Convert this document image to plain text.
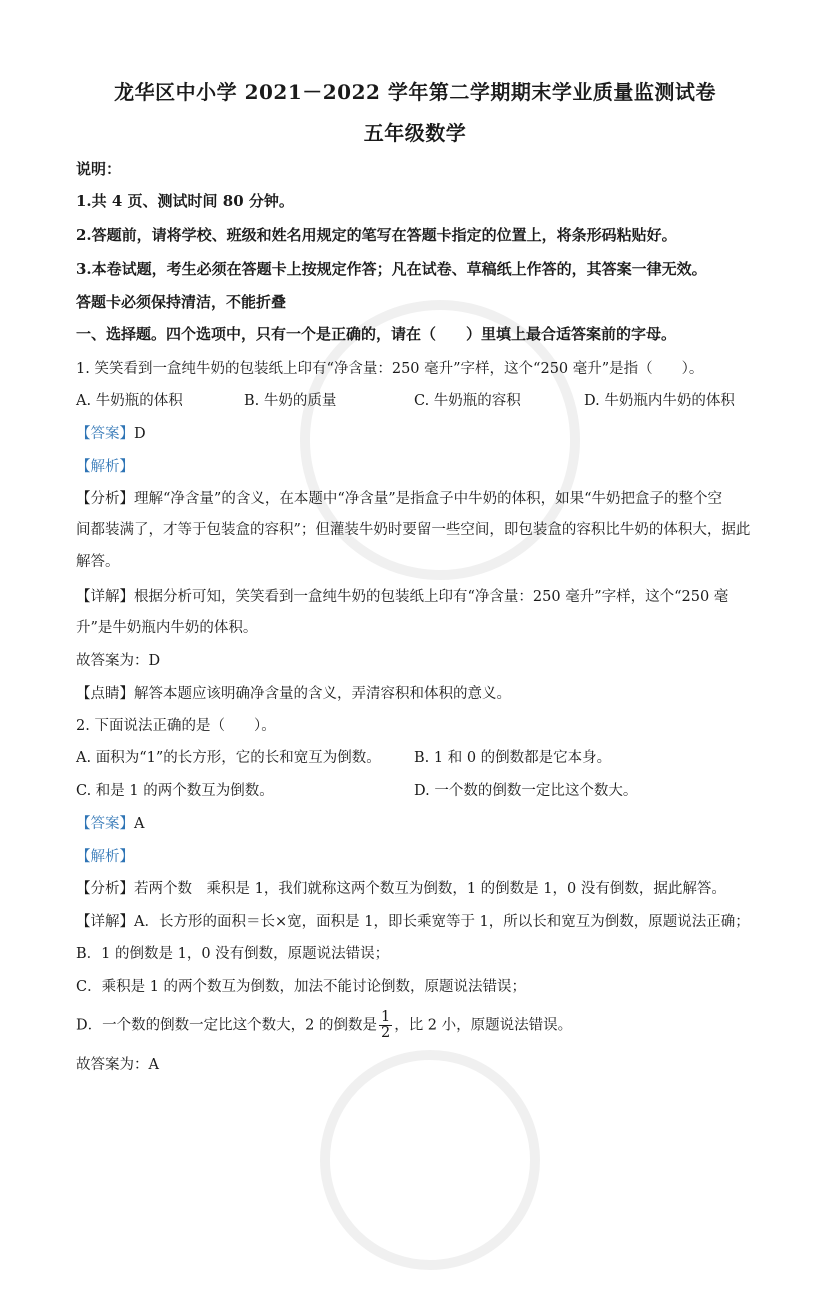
龙华区中小学 2021－2022 学年第二学期期末学业质量监测试卷
五年级数学
说明：
1.共 4 页、测试时间 80 分钟。
2.答题前，请将学校、班级和姓名用规定的笔写在答题卡指定的位置上，将条形码粘贴好。
3.本卷试题，考生必须在答题卡上按规定作答；凡在试卷、草稿纸上作答的，其答案一律无效。
答题卡必须保持清洁，不能折叠
一、选择题。四个选项中，只有一个是正确的，请在（　　）里填上最合适答案前的字母。
1. 笑笑看到一盒纯牛奶的包装纸上印有“净含量：250 毫升”字样，这个“250 毫升”是指（　　）。
A. 牛奶瓶的体积	B. 牛奶的质量	C. 牛奶瓶的容积	D. 牛奶瓶内牛奶的体积
【答案】D
【解析】
【分析】理解“净含量”的含义，在本题中“净含量”是指盒子中牛奶的体积，如果“牛奶把盒子的整个空
间都装满了，才等于包装盒的容积”；但灌装牛奶时要留一些空间，即包装盒的容积比牛奶的体积大，据此
解答。
【详解】根据分析可知，笑笑看到一盒纯牛奶的包装纸上印有“净含量：250 毫升”字样，这个“250 毫
升”是牛奶瓶内牛奶的体积。
故答案为：D
【点睛】解答本题应该明确净含量的含义，弄清容积和体积的意义。
2. 下面说法正确的是（　　）。
A. 面积为“1”的长方形，它的长和宽互为倒数。 B. 1 和 0 的倒数都是它本身。
C. 和是 1 的两个数互为倒数。	D. 一个数的倒数一定比这个数大。
【答案】A
【解析】
【分析】若两个数　乘积是 1，我们就称这两个数互为倒数，1 的倒数是 1，0 没有倒数，据此解答。
【详解】A．长方形的面积＝长×宽，面积是 1，即长乘宽等于 1，所以长和宽互为倒数，原题说法正确；
B．1 的倒数是 1，0 没有倒数，原题说法错误；
C．乘积是 1 的两个数互为倒数，加法不能讨论倒数，原题说法错误；
D．一个数的倒数一定比这个数大，2 的倒数是 $\frac{1}{2}$ ，比 2 小，原题说法错误。
故答案为：A
